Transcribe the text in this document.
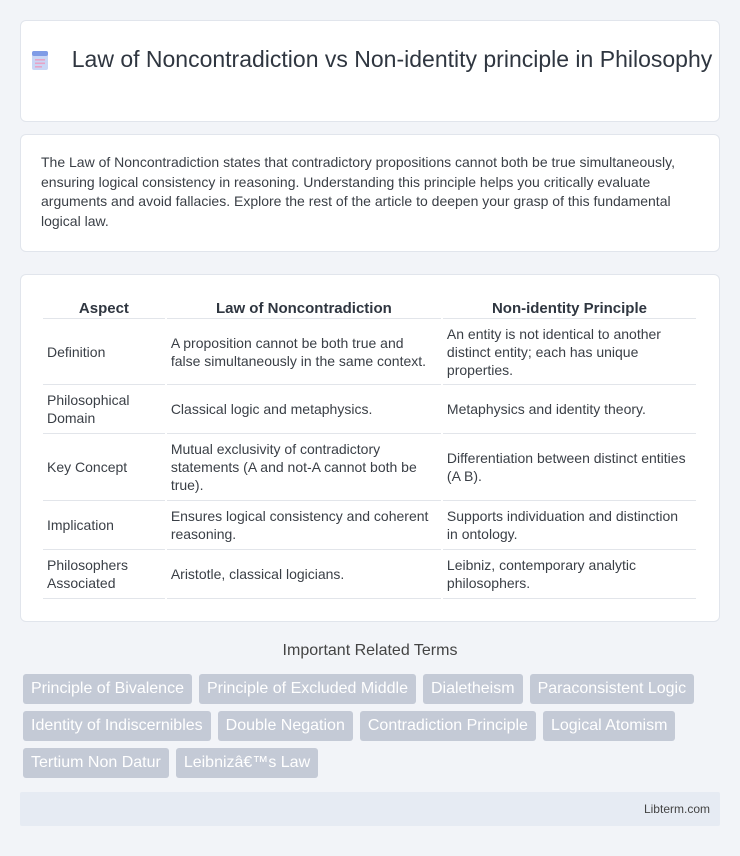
Law of Noncontradiction vs Non-identity principle in Philosophy

The Law of Noncontradiction states that contradictory propositions cannot both be true simultaneously, ensuring logical consistency in reasoning. Understanding this principle helps you critically evaluate arguments and avoid fallacies. Explore the rest of the article to deepen your grasp of this fundamental logical law.

Aspect	Law of Noncontradiction	Non-identity Principle
Definition	A proposition cannot be both true and false simultaneously in the same context.	An entity is not identical to another distinct entity; each has unique properties.
Philosophical Domain	Classical logic and metaphysics.	Metaphysics and identity theory.
Key Concept	Mutual exclusivity of contradictory statements (A and not-A cannot both be true).	Differentiation between distinct entities (A B).
Implication	Ensures logical consistency and coherent reasoning.	Supports individuation and distinction in ontology.
Philosophers Associated	Aristotle, classical logicians.	Leibniz, contemporary analytic philosophers.
Important Related Terms
Principle of Bivalence	Principle of Excluded Middle	Dialetheism	Paraconsistent Logic
Identity of Indiscernibles	Double Negation	Contradiction Principle	Logical Atomism
Tertium Non Datur	Leibnizâ€™s Law
Libterm.com
